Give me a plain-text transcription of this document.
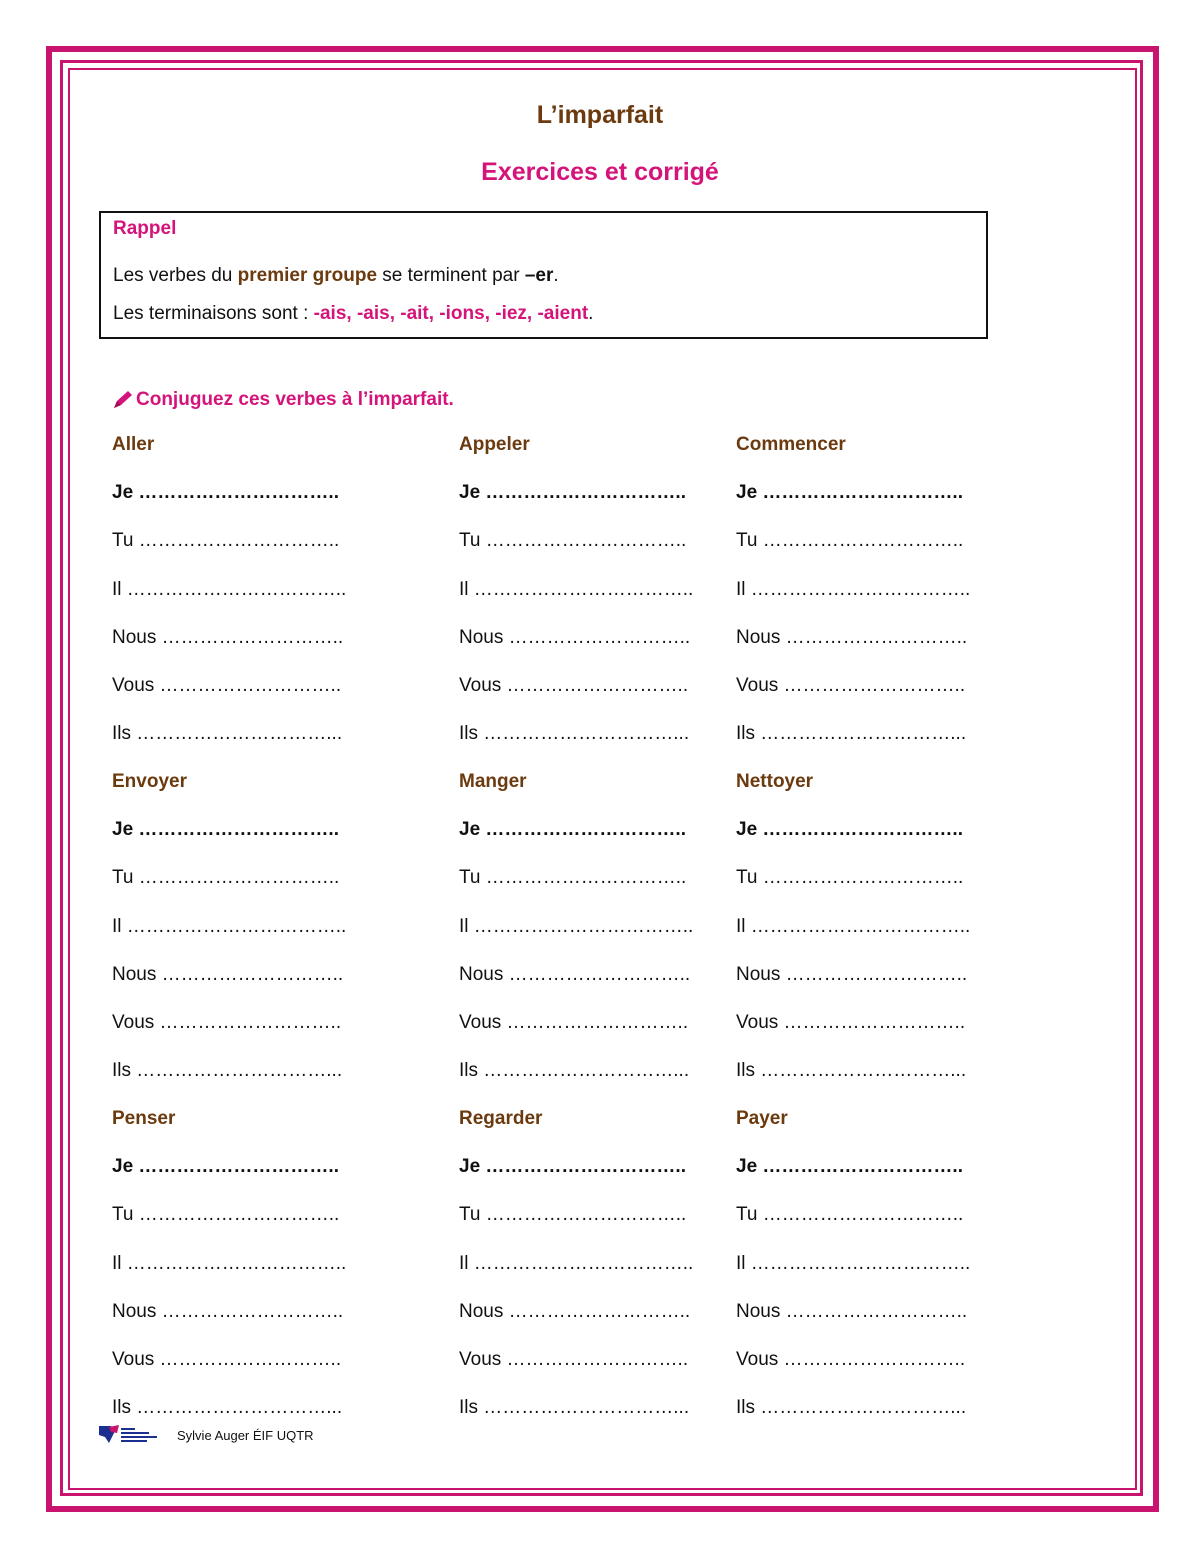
L’imparfait
Exercices et corrigé
Rappel
Les verbes du premier groupe se terminent par –er.
Les terminaisons sont : -ais, -ais, -ait, -ions, -iez, -aient.
Conjuguez ces verbes à l’imparfait.
Aller
Je …………………………..
Tu …………………………..
Il ……………………………..
Nous ………………………..
Vous ………………………..
Ils …………………………...
Appeler
Je …………………………..
Tu …………………………..
Il ……………………………..
Nous ………………………..
Vous ………………………..
Ils …………………………...
Commencer
Je …………………………..
Tu …………………………..
Il ……………………………..
Nous ………………………..
Vous ………………………..
Ils …………………………...
Envoyer
Je …………………………..
Tu …………………………..
Il ……………………………..
Nous ………………………..
Vous ………………………..
Ils …………………………...
Manger
Je …………………………..
Tu …………………………..
Il ……………………………..
Nous ………………………..
Vous ………………………..
Ils …………………………...
Nettoyer
Je …………………………..
Tu …………………………..
Il ……………………………..
Nous ………………………..
Vous ………………………..
Ils …………………………...
Penser
Je …………………………..
Tu …………………………..
Il ……………………………..
Nous ………………………..
Vous ………………………..
Ils …………………………...
Regarder
Je …………………………..
Tu …………………………..
Il ……………………………..
Nous ………………………..
Vous ………………………..
Ils …………………………...
Payer
Je …………………………..
Tu …………………………..
Il ……………………………..
Nous ………………………..
Vous ………………………..
Ils …………………………...
Sylvie Auger ÉIF UQTR
